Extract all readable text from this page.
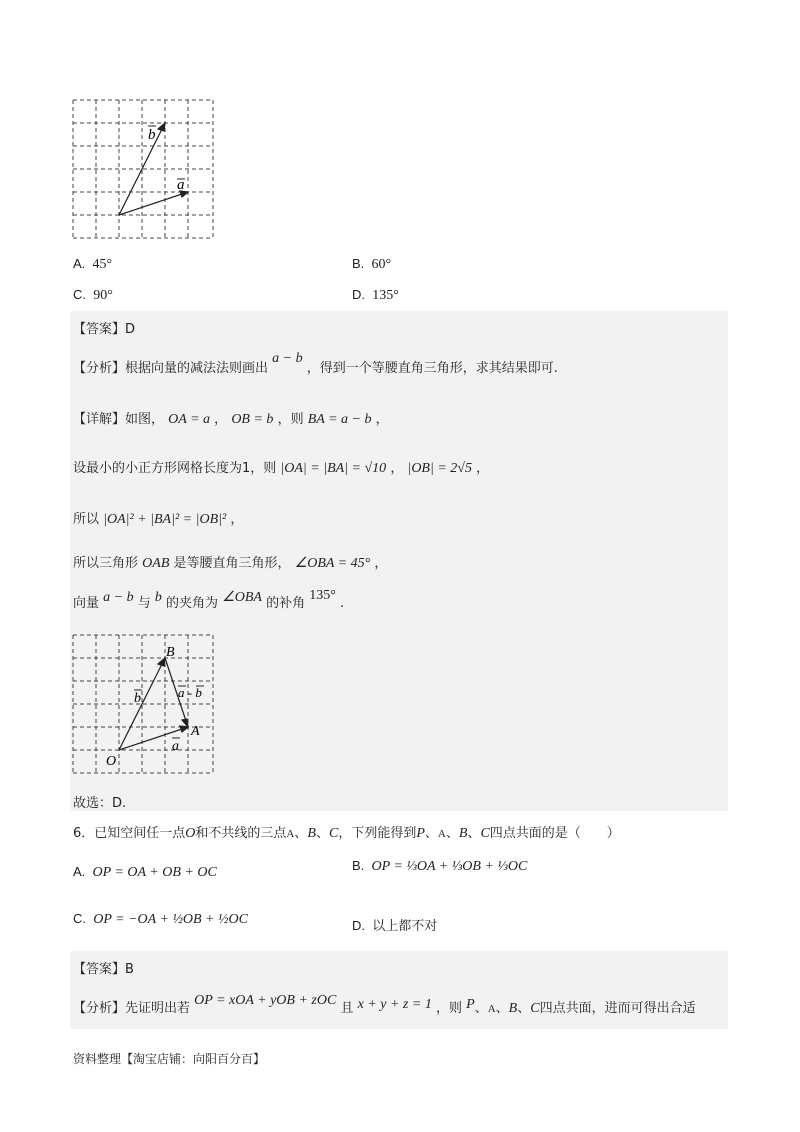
b
a
A. 45°	B. 60°
C. 90°	D. 135°
【答案】D
【分析】根据向量的减法法则画出 a − b ，得到一个等腰直角三角形，求其结果即可.
【详解】如图， OA = a ， OB = b ，则 BA = a − b ，
设最小的小正方形网格长度为1，则 |OA| = |BA| = √10 ， |OB| = 2√5 ，
所以 |OA|² + |BA|² = |OB|² ，
所以三角形 OAB 是等腰直角三角形， ∠OBA = 45° ，
向量 a − b 与 b 的夹角为 ∠OBA 的补角 135° .
B
A
O
b	a - b
a
故选：D.
6．已知空间任一点O和不共线的三点A、B、C，下列能得到P、A、B、C四点共面的是（　　）
A. OP = OA + OB + OC	B. OP = ⅓OA + ⅓OB + ⅓OC
C. OP = −OA + ½OB + ½OC	D. 以上都不对
【答案】B
【分析】先证明出若 OP = xOA + yOB + zOC 且 x + y + z = 1 ，则 P、A、B、C四点共面，进而可得出合适
资料整理【淘宝店铺：向阳百分百】
